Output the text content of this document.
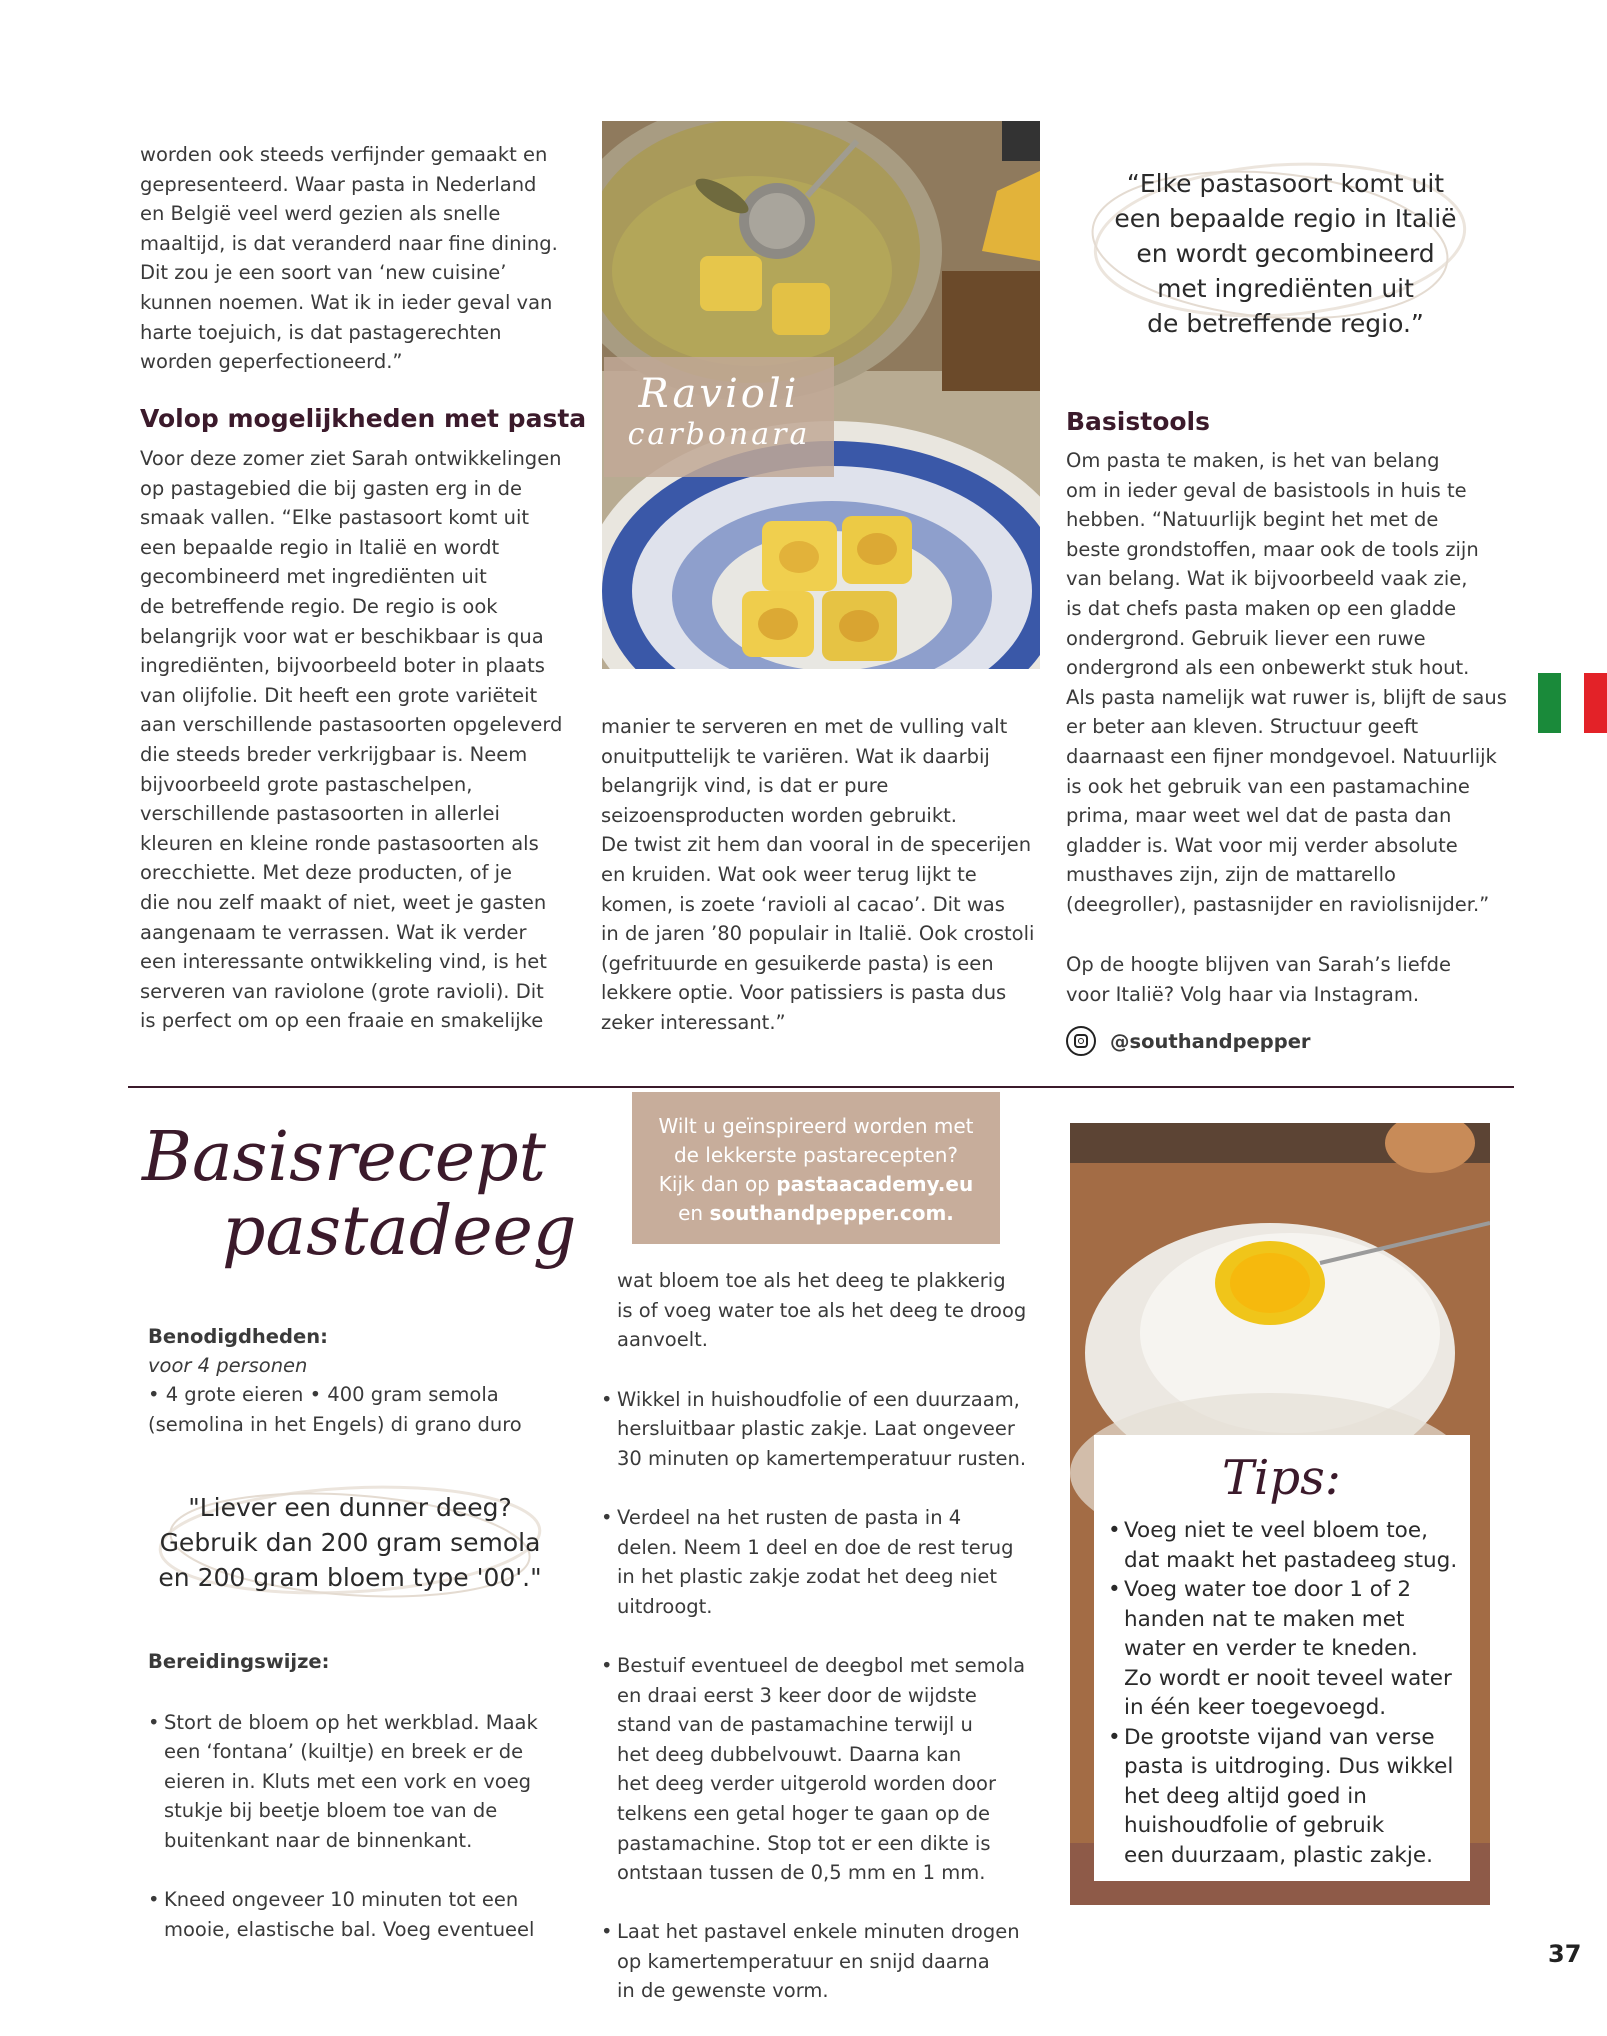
worden ook steeds verfijnder gemaakt en
gepresenteerd. Waar pasta in Nederland
en België veel werd gezien als snelle
maaltijd, is dat veranderd naar fine dining.
Dit zou je een soort van ‘new cuisine’
kunnen noemen. Wat ik in ieder geval van
harte toejuich, is dat pastagerechten
worden geperfectioneerd.”
Volop mogelijkheden met pasta
Voor deze zomer ziet Sarah ontwikkelingen
op pastagebied die bij gasten erg in de
smaak vallen. “Elke pastasoort komt uit
een bepaalde regio in Italië en wordt
gecombineerd met ingrediënten uit
de betreffende regio. De regio is ook
belangrijk voor wat er beschikbaar is qua
ingrediënten, bijvoorbeeld boter in plaats
van olijfolie. Dit heeft een grote variëteit
aan verschillende pastasoorten opgeleverd
die steeds breder verkrijgbaar is. Neem
bijvoorbeeld grote pastaschelpen,
verschillende pastasoorten in allerlei
kleuren en kleine ronde pastasoorten als
orecchiette. Met deze producten, of je
die nou zelf maakt of niet, weet je gasten
aangenaam te verrassen. Wat ik verder
een interessante ontwikkeling vind, is het
serveren van raviolone (grote ravioli). Dit
is perfect om op een fraaie en smakelijke
Ravioli
carbonara
manier te serveren en met de vulling valt
onuitputtelijk te variëren. Wat ik daarbij
belangrijk vind, is dat er pure
seizoensproducten worden gebruikt.
De twist zit hem dan vooral in de specerijen
en kruiden. Wat ook weer terug lijkt te
komen, is zoete ‘ravioli al cacao’. Dit was
in de jaren ’80 populair in Italië. Ook crostoli
(gefrituurde en gesuikerde pasta) is een
lekkere optie. Voor patissiers is pasta dus
zeker interessant.”
“Elke pastasoort komt uit
een bepaalde regio in Italië
en wordt gecombineerd
met ingrediënten uit
de betreffende regio.”
Basistools
Om pasta te maken, is het van belang
om in ieder geval de basistools in huis te
hebben. “Natuurlijk begint het met de
beste grondstoffen, maar ook de tools zijn
van belang. Wat ik bijvoorbeeld vaak zie,
is dat chefs pasta maken op een gladde
ondergrond. Gebruik liever een ruwe
ondergrond als een onbewerkt stuk hout.
Als pasta namelijk wat ruwer is, blijft de saus
er beter aan kleven. Structuur geeft
daarnaast een fijner mondgevoel. Natuurlijk
is ook het gebruik van een pastamachine
prima, maar weet wel dat de pasta dan
gladder is. Wat voor mij verder absolute
musthaves zijn, zijn de mattarello
(deegroller), pastasnijder en raviolisnijder.”
Op de hoogte blijven van Sarah’s liefde
voor Italië? Volg haar via Instagram.
@southandpepper
Basisrecept
pastadeeg
Benodigdheden:
voor 4 personen
• 4 grote eieren • 400 gram semola
(semolina in het Engels) di grano duro
"Liever een dunner deeg?
Gebruik dan 200 gram semola
en 200 gram bloem type '00'."
Bereidingswijze:

• Stort de bloem op het werkblad. Maak
een ‘fontana’ (kuiltje) en breek er de
eieren in. Kluts met een vork en voeg
stukje bij beetje bloem toe van de
buitenkant naar de binnenkant.

• Kneed ongeveer 10 minuten tot een
mooie, elastische bal. Voeg eventueel

Wilt u geïnspireerd worden met
de lekkerste pastarecepten?
Kijk dan op pastaacademy.eu
en southandpepper.com.
wat bloem toe als het deeg te plakkerig
is of voeg water toe als het deeg te droog
aanvoelt.

• Wikkel in huishoudfolie of een duurzaam,
hersluitbaar plastic zakje. Laat ongeveer
30 minuten op kamertemperatuur rusten.

• Verdeel na het rusten de pasta in 4
delen. Neem 1 deel en doe de rest terug
in het plastic zakje zodat het deeg niet
uitdroogt.

• Bestuif eventueel de deegbol met semola
en draai eerst 3 keer door de wijdste
stand van de pastamachine terwijl u
het deeg dubbelvouwt. Daarna kan
het deeg verder uitgerold worden door
telkens een getal hoger te gaan op de
pastamachine. Stop tot er een dikte is
ontstaan tussen de 0,5 mm en 1 mm.

• Laat het pastavel enkele minuten drogen
op kamertemperatuur en snijd daarna
in de gewenste vorm.

Tips:
• Voeg niet te veel bloem toe,
dat maakt het pastadeeg stug.
• Voeg water toe door 1 of 2
handen nat te maken met
water en verder te kneden.
Zo wordt er nooit teveel water
in één keer toegevoegd.
• De grootste vijand van verse
pasta is uitdroging. Dus wikkel
het deeg altijd goed in
huishoudfolie of gebruik
een duurzaam, plastic zakje.
37
